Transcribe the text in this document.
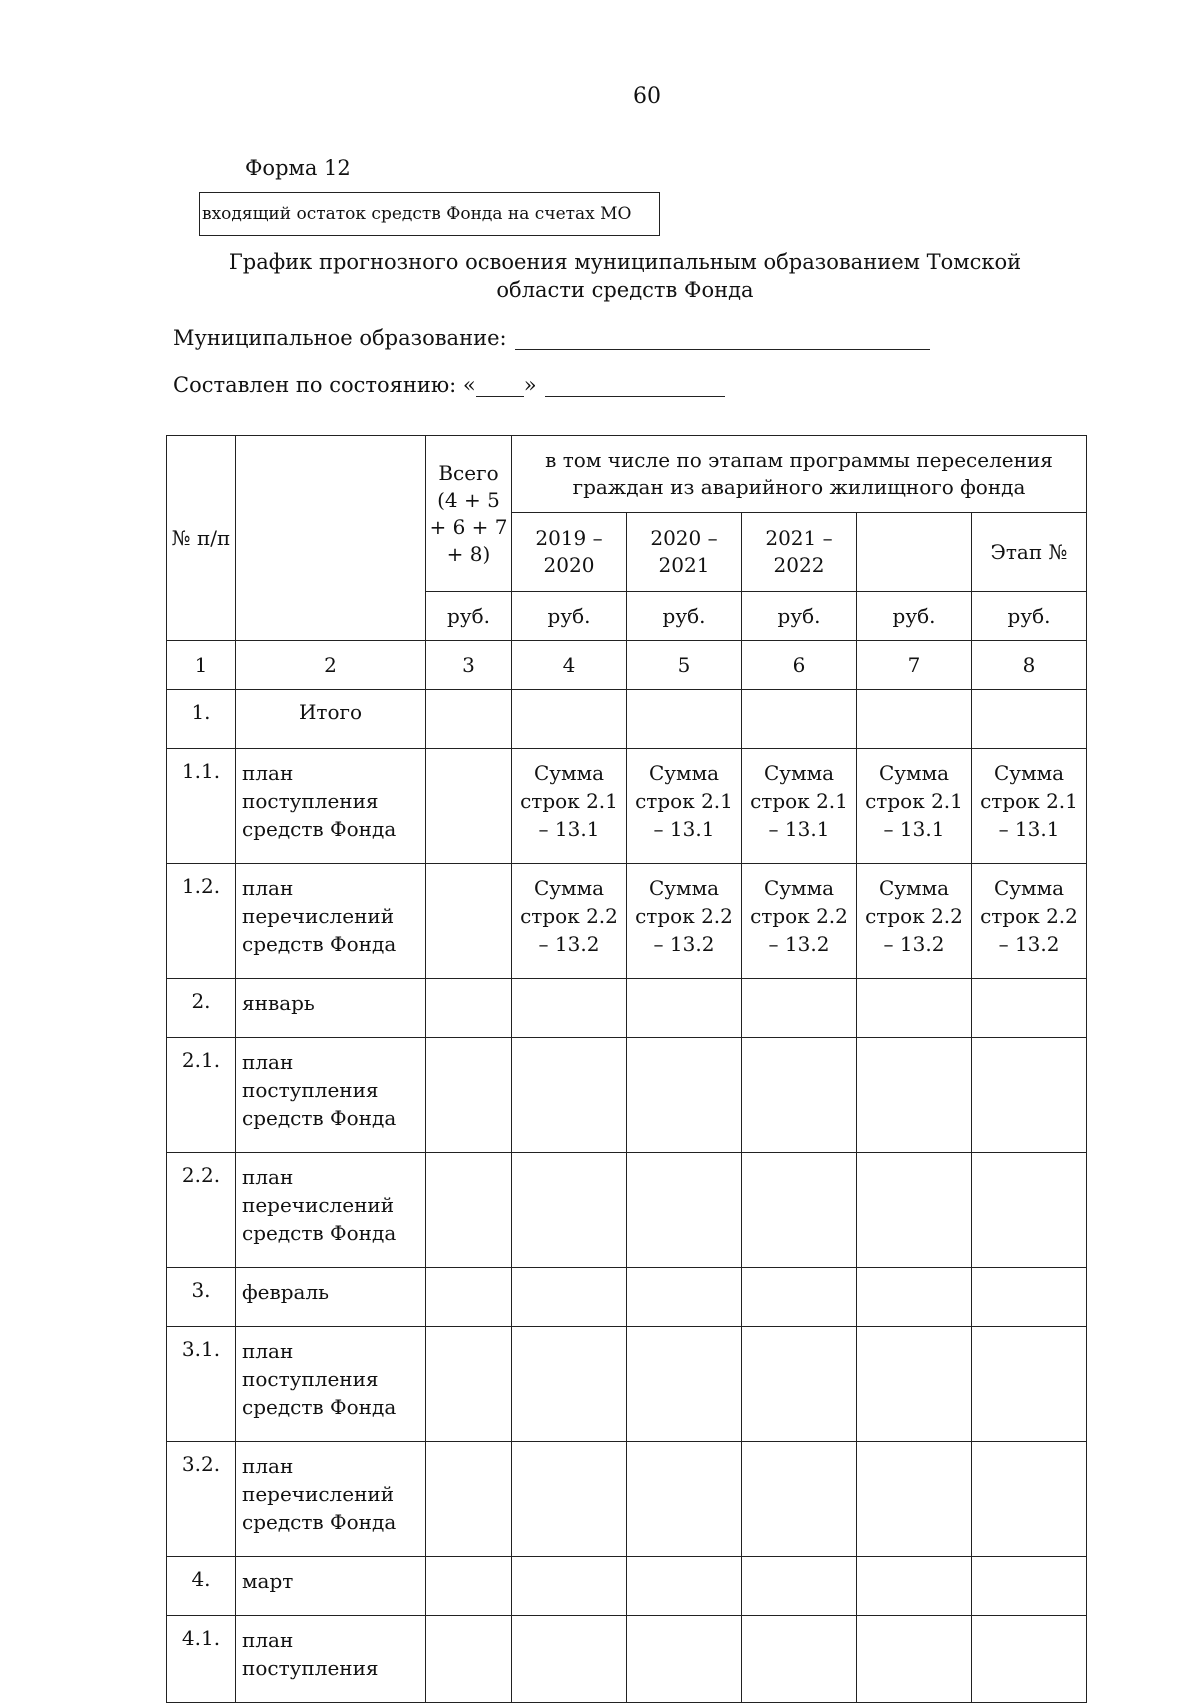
60
Форма 12
входящий остаток средств Фонда на счетах МО
График прогнозного освоения муниципальным образованием Томской области средств Фонда
Муниципальное образование:
Составлен по состоянию: « »
№ п/п		Всего (4 + 5 + 6 + 7 + 8)	в том числе по этапам программы переселения граждан из аварийного жилищного фонда				
			2019 – 2020	2020 – 2021	2021 – 2022		Этап №
		руб.	руб.	руб.	руб.	руб.	руб.
1	2	3	4	5	6	7	8
1.	Итого						
1.1.	план поступления средств Фонда		Сумма строк 2.1 – 13.1	Сумма строк 2.1 – 13.1	Сумма строк 2.1 – 13.1	Сумма строк 2.1 – 13.1	Сумма строк 2.1 – 13.1
1.2.	план перечислений средств Фонда		Сумма строк 2.2 – 13.2	Сумма строк 2.2 – 13.2	Сумма строк 2.2 – 13.2	Сумма строк 2.2 – 13.2	Сумма строк 2.2 – 13.2
2.	январь						
2.1.	план поступления средств Фонда						
2.2.	план перечислений средств Фонда						
3.	февраль						
3.1.	план поступления средств Фонда						
3.2.	план перечислений средств Фонда						
4.	март						
4.1.	план поступления						
